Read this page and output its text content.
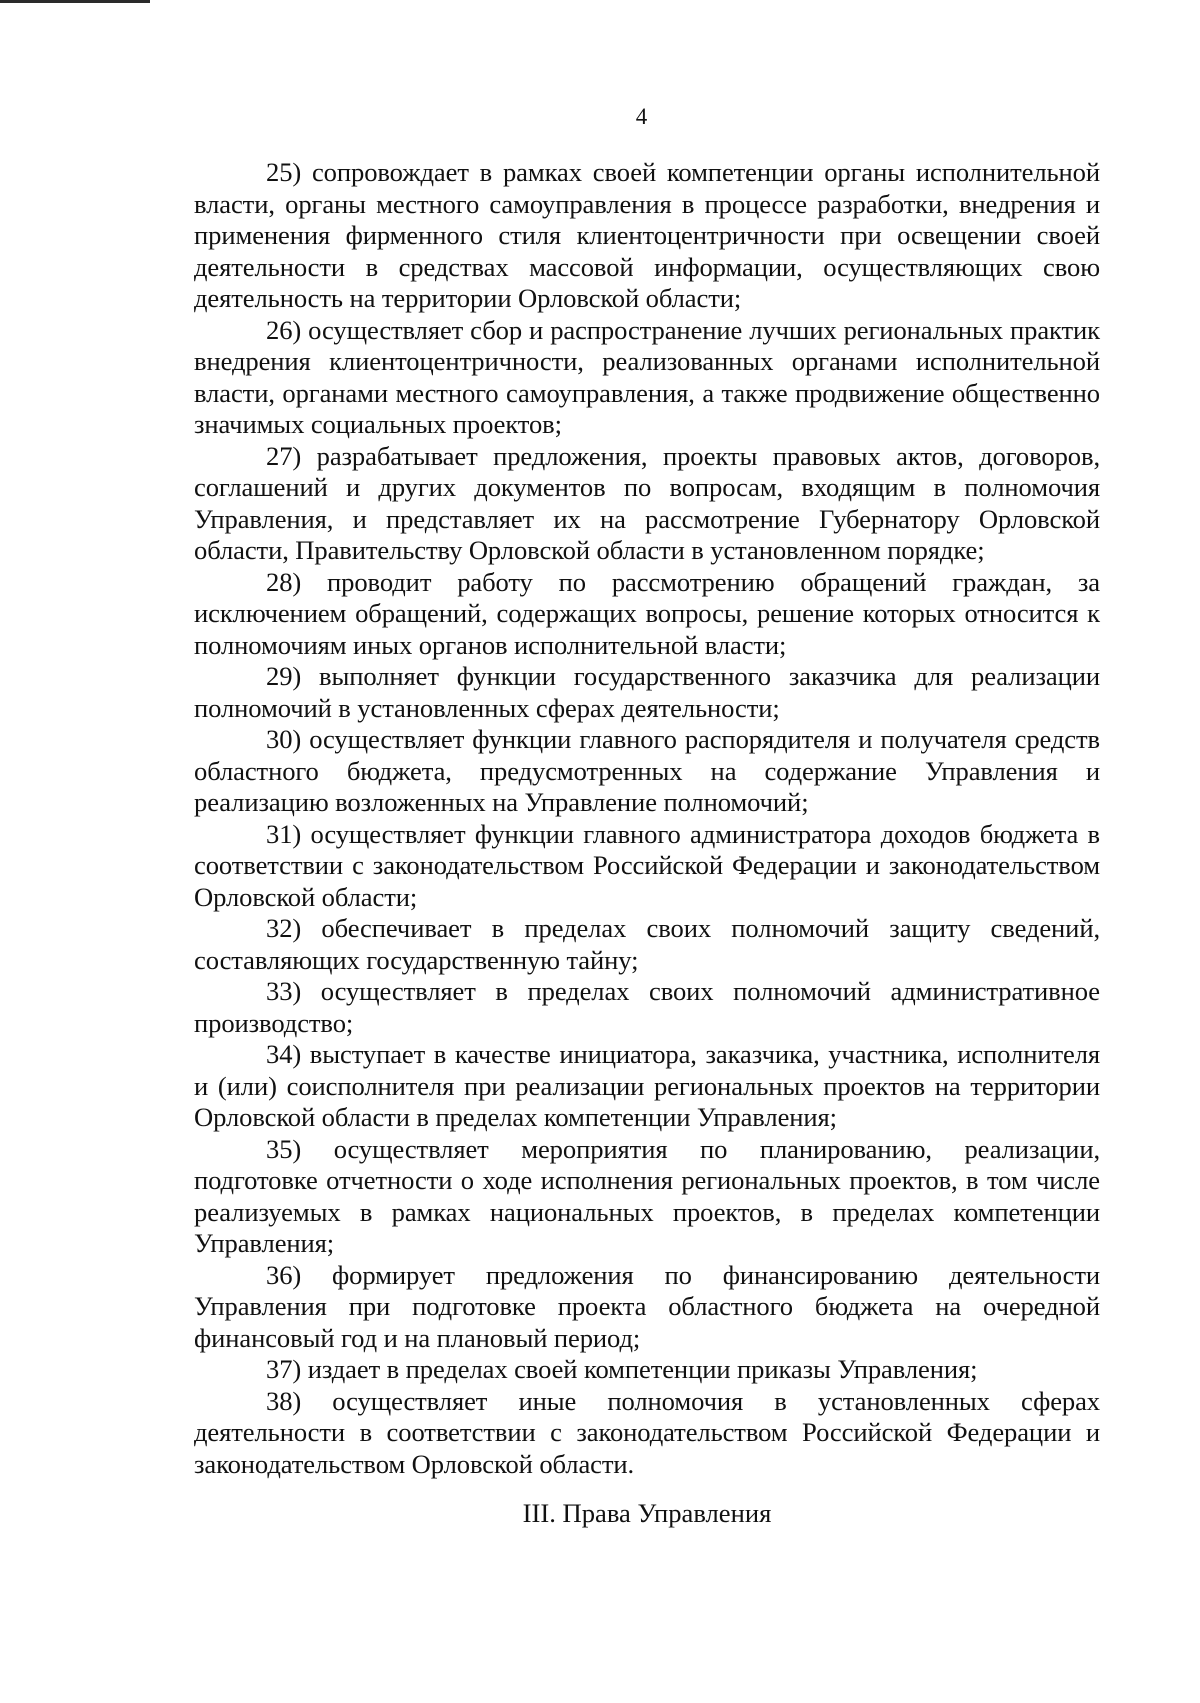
4

25) сопровождает в рамках своей компетенции органы исполнительной власти, органы местного самоуправления в процессе разработки, внедрения и применения фирменного стиля клиентоцентричности при освещении своей деятельности в средствах массовой информации, осуществляющих свою деятельность на территории Орловской области;

26) осуществляет сбор и распространение лучших региональных практик внедрения клиентоцентричности, реализованных органами исполнительной власти, органами местного самоуправления, а также продвижение общественно значимых социальных проектов;

27) разрабатывает предложения, проекты правовых актов, договоров, соглашений и других документов по вопросам, входящим в полномочия Управления, и представляет их на рассмотрение Губернатору Орловской области, Правительству Орловской области в установленном порядке;

28) проводит работу по рассмотрению обращений граждан, за исключением обращений, содержащих вопросы, решение которых относится к полномочиям иных органов исполнительной власти;

29) выполняет функции государственного заказчика для реализации полномочий в установленных сферах деятельности;

30) осуществляет функции главного распорядителя и получателя средств областного бюджета, предусмотренных на содержание Управления и реализацию возложенных на Управление полномочий;

31) осуществляет функции главного администратора доходов бюджета в соответствии с законодательством Российской Федерации и законодательством Орловской области;

32) обеспечивает в пределах своих полномочий защиту сведений, составляющих государственную тайну;

33) осуществляет в пределах своих полномочий административное производство;

34) выступает в качестве инициатора, заказчика, участника, исполнителя и (или) соисполнителя при реализации региональных проектов на территории Орловской области в пределах компетенции Управления;

35) осуществляет мероприятия по планированию, реализации, подготовке отчетности о ходе исполнения региональных проектов, в том числе реализуемых в рамках национальных проектов, в пределах компетенции Управления;

36) формирует предложения по финансированию деятельности Управления при подготовке проекта областного бюджета на очередной финансовый год и на плановый период;

37) издает в пределах своей компетенции приказы Управления;

38) осуществляет иные полномочия в установленных сферах деятельности в соответствии с законодательством Российской Федерации и законодательством Орловской области.

III. Права Управления
